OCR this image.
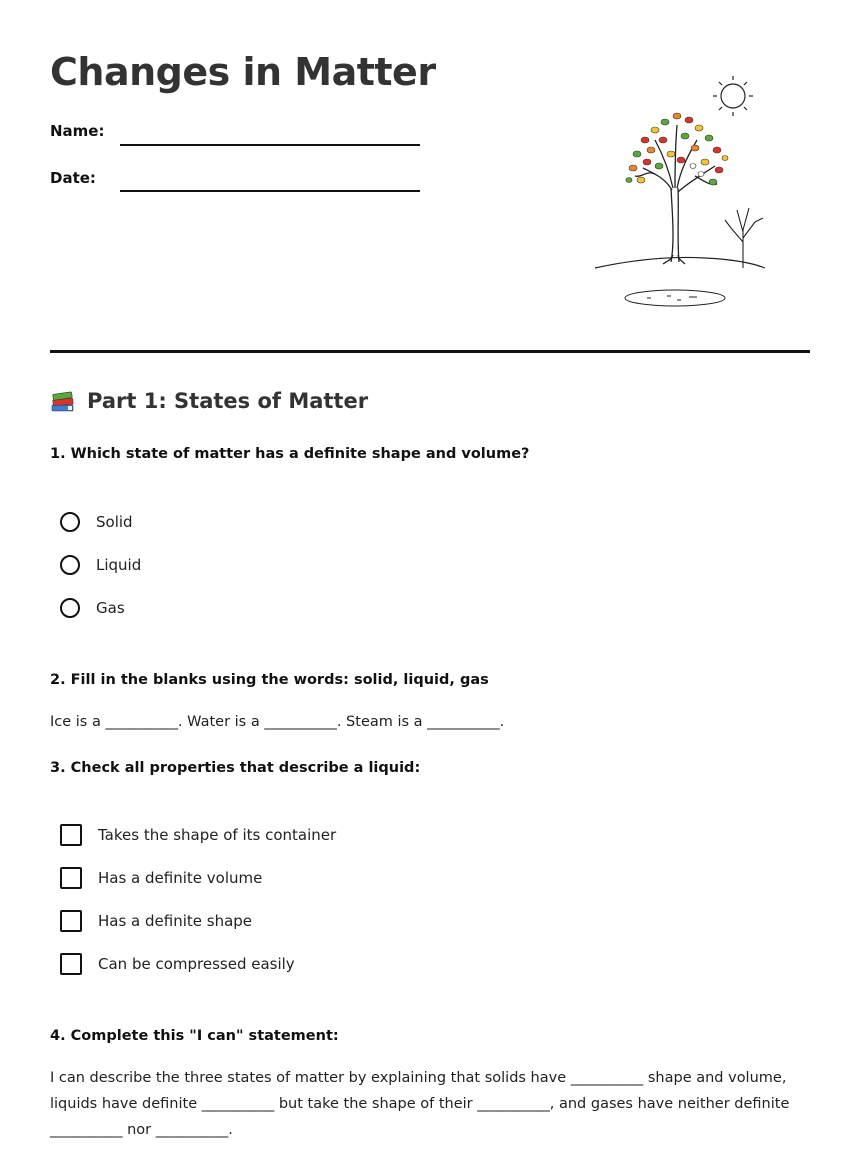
Changes in Matter
Name:
Date:
Part 1: States of Matter
1. Which state of matter has a definite shape and volume?
Solid
Liquid
Gas
2. Fill in the blanks using the words: solid, liquid, gas
Ice is a __________. Water is a __________. Steam is a __________.
3. Check all properties that describe a liquid:
Takes the shape of its container
Has a definite volume
Has a definite shape
Can be compressed easily
4. Complete this "I can" statement:
I can describe the three states of matter by explaining that solids have __________ shape and volume,
liquids have definite __________ but take the shape of their __________, and gases have neither definite
__________ nor __________.
